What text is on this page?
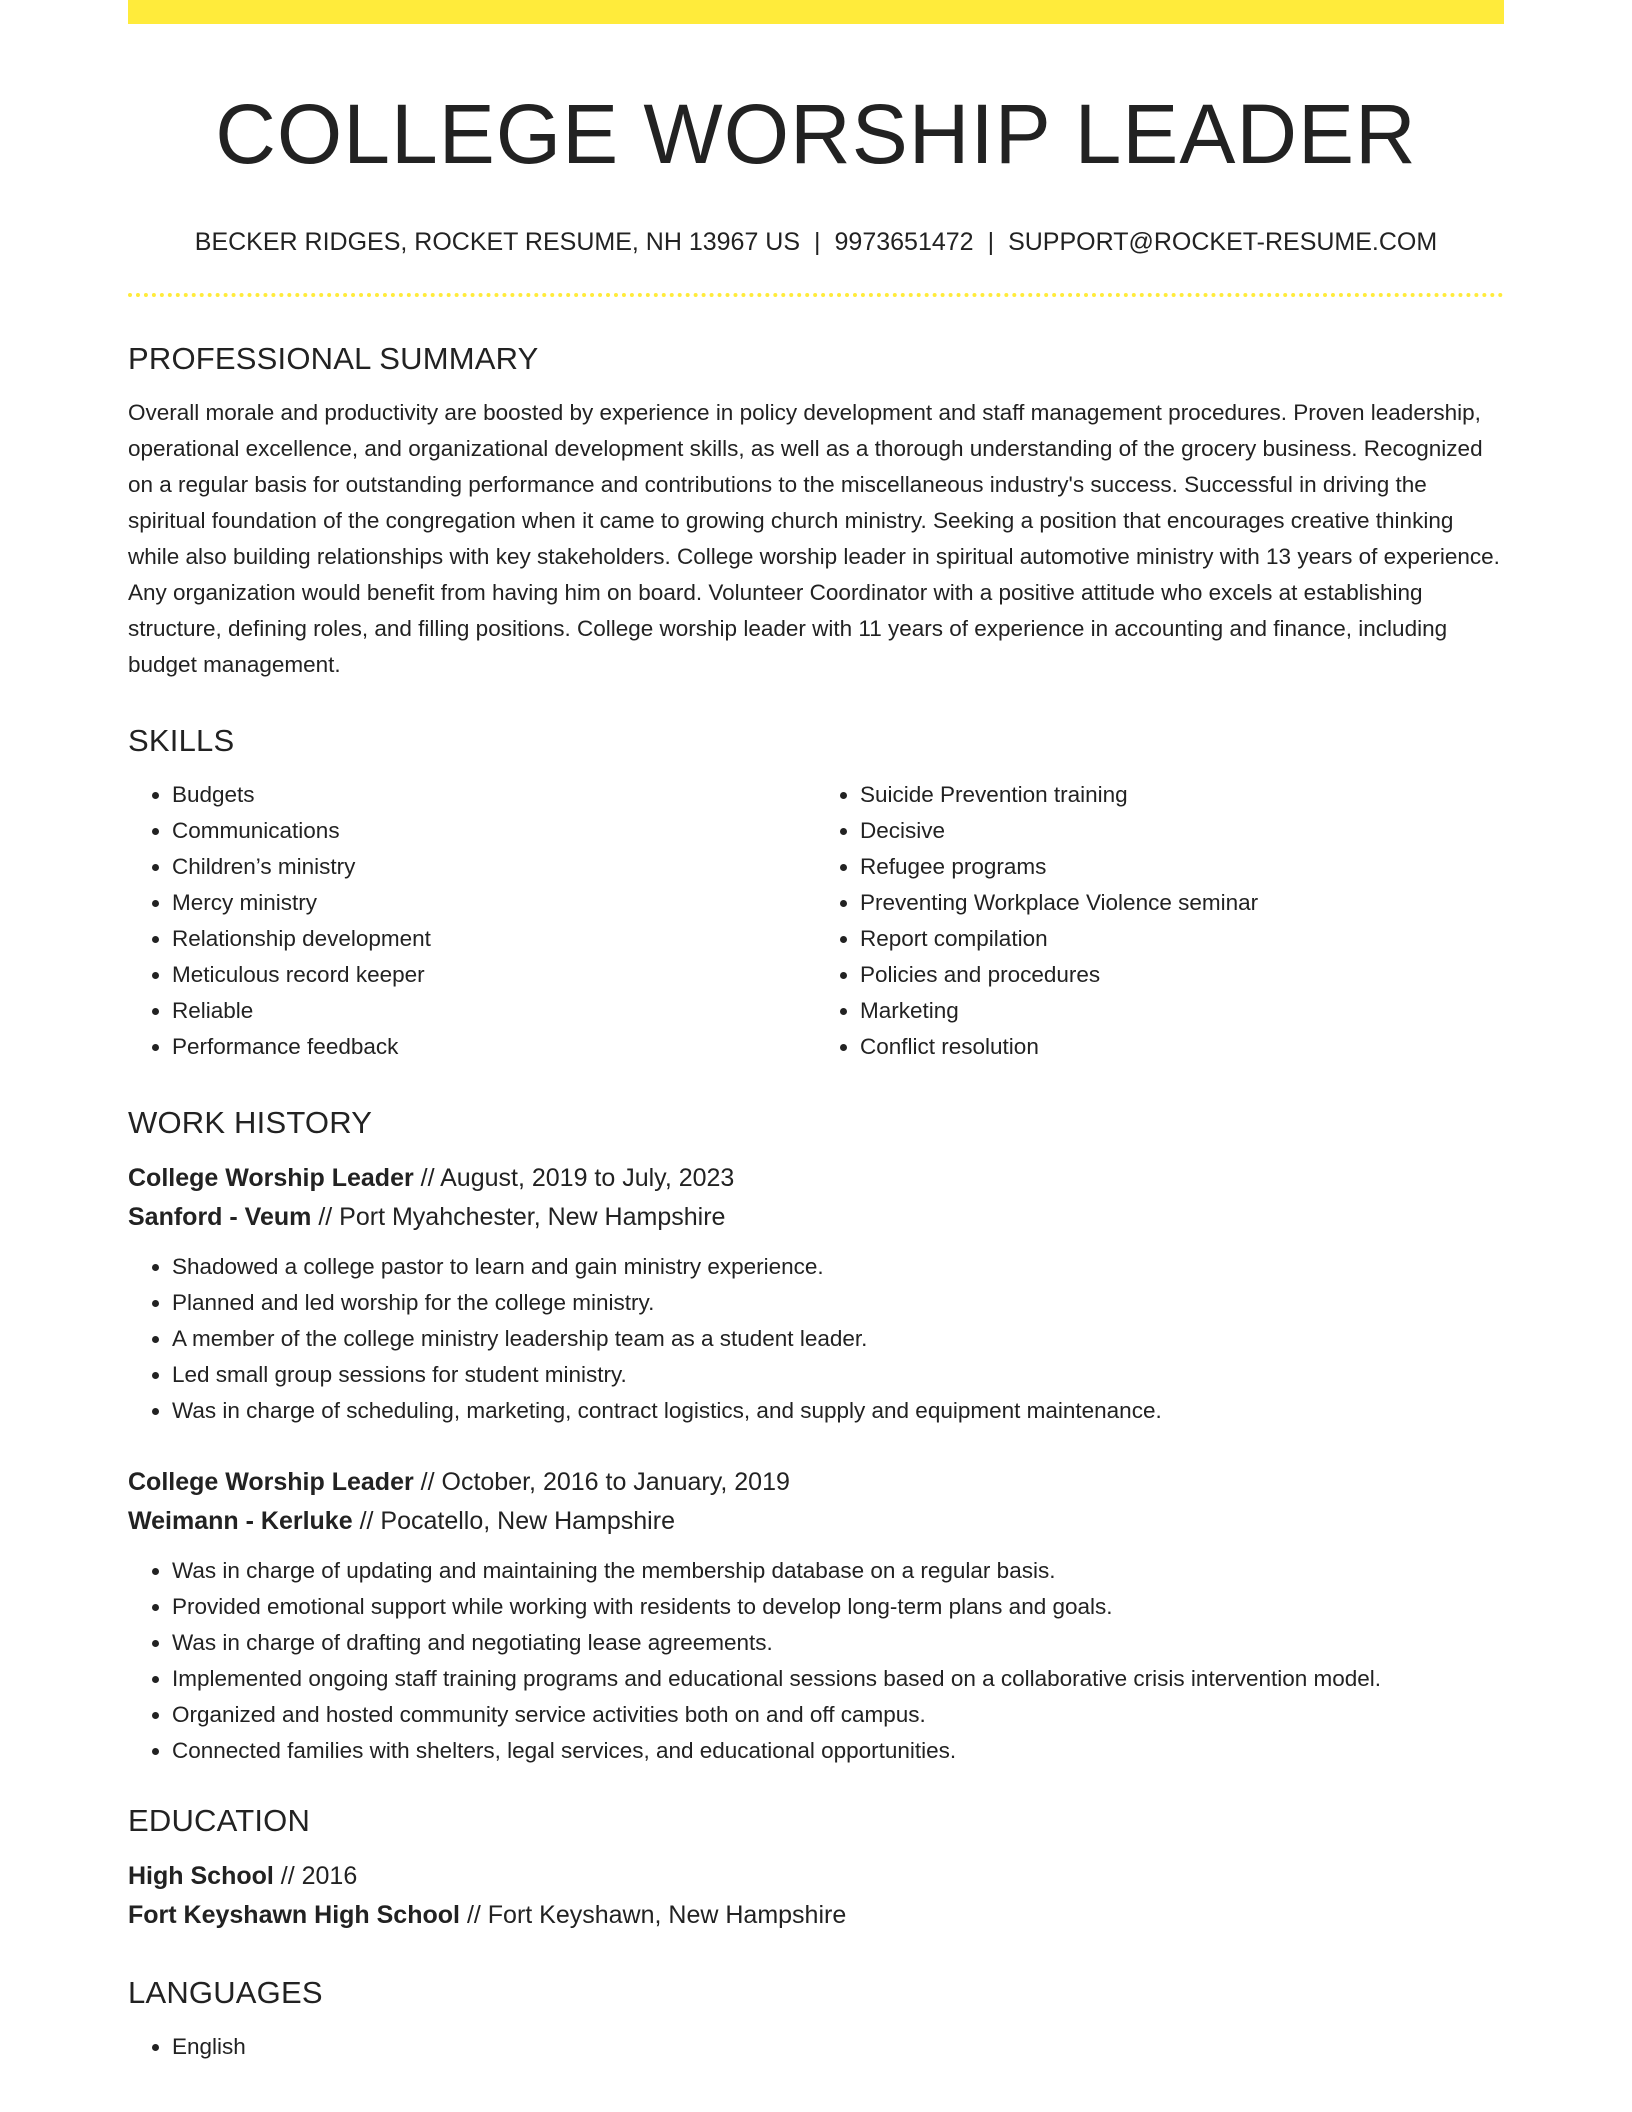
COLLEGE WORSHIP LEADER
BECKER RIDGES, ROCKET RESUME, NH 13967 US | 9973651472 | SUPPORT@ROCKET-RESUME.COM
PROFESSIONAL SUMMARY

Overall morale and productivity are boosted by experience in policy development and staff management procedures. Proven leadership, operational excellence, and organizational development skills, as well as a thorough understanding of the grocery business. Recognized on a regular basis for outstanding performance and contributions to the miscellaneous industry's success. Successful in driving the spiritual foundation of the congregation when it came to growing church ministry. Seeking a position that encourages creative thinking while also building relationships with key stakeholders. College worship leader in spiritual automotive ministry with 13 years of experience. Any organization would benefit from having him on board. Volunteer Coordinator with a positive attitude who excels at establishing structure, defining roles, and filling positions. College worship leader with 11 years of experience in accounting and finance, including budget management.

SKILLS
• Budgets
• Communications
• Children’s ministry
• Mercy ministry
• Relationship development
• Meticulous record keeper
• Reliable
• Performance feedback
• Suicide Prevention training
• Decisive
• Refugee programs
• Preventing Workplace Violence seminar
• Report compilation
• Policies and procedures
• Marketing
• Conflict resolution
WORK HISTORY

College Worship Leader // August, 2019 to July, 2023

Sanford - Veum // Port Myahchester, New Hampshire

• Shadowed a college pastor to learn and gain ministry experience.
• Planned and led worship for the college ministry.
• A member of the college ministry leadership team as a student leader.
• Led small group sessions for student ministry.
• Was in charge of scheduling, marketing, contract logistics, and supply and equipment maintenance.

College Worship Leader // October, 2016 to January, 2019

Weimann - Kerluke // Pocatello, New Hampshire

• Was in charge of updating and maintaining the membership database on a regular basis.
• Provided emotional support while working with residents to develop long-term plans and goals.
• Was in charge of drafting and negotiating lease agreements.
• Implemented ongoing staff training programs and educational sessions based on a collaborative crisis intervention model.
• Organized and hosted community service activities both on and off campus.
• Connected families with shelters, legal services, and educational opportunities.
EDUCATION

High School // 2016

Fort Keyshawn High School // Fort Keyshawn, New Hampshire

LANGUAGES
• English
